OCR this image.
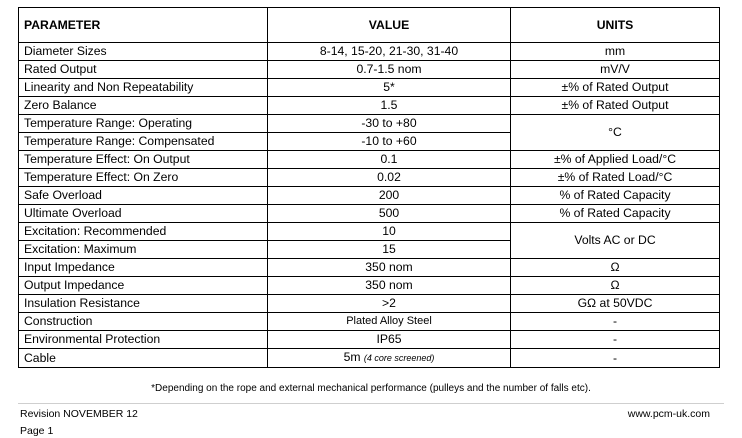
PARAMETER	VALUE	UNITS
Diameter Sizes	8-14, 15-20, 21-30, 31-40	mm
Rated Output	0.7-1.5 nom	mV/V
Linearity and Non Repeatability	5*	±% of Rated Output
Zero Balance	1.5	±% of Rated Output
Temperature Range: Operating	-30 to +80	°C
Temperature Range: Compensated	-10 to +60	
Temperature Effect: On Output	0.1	±% of Applied Load/°C
Temperature Effect: On Zero	0.02	±% of Rated Load/°C
Safe Overload	200	% of Rated Capacity
Ultimate Overload	500	% of Rated Capacity
Excitation: Recommended	10	Volts AC or DC
Excitation: Maximum	15	
Input Impedance	350 nom	Ω
Output Impedance	350 nom	Ω
Insulation Resistance	>2	GΩ at 50VDC
Construction	Plated Alloy Steel	-
Environmental Protection	IP65	-
Cable	5m (4 core screened)	-
*Depending on the rope and external mechanical performance (pulleys and the number of falls etc).
Revision NOVEMBER 12
Page 1
www.pcm-uk.com
